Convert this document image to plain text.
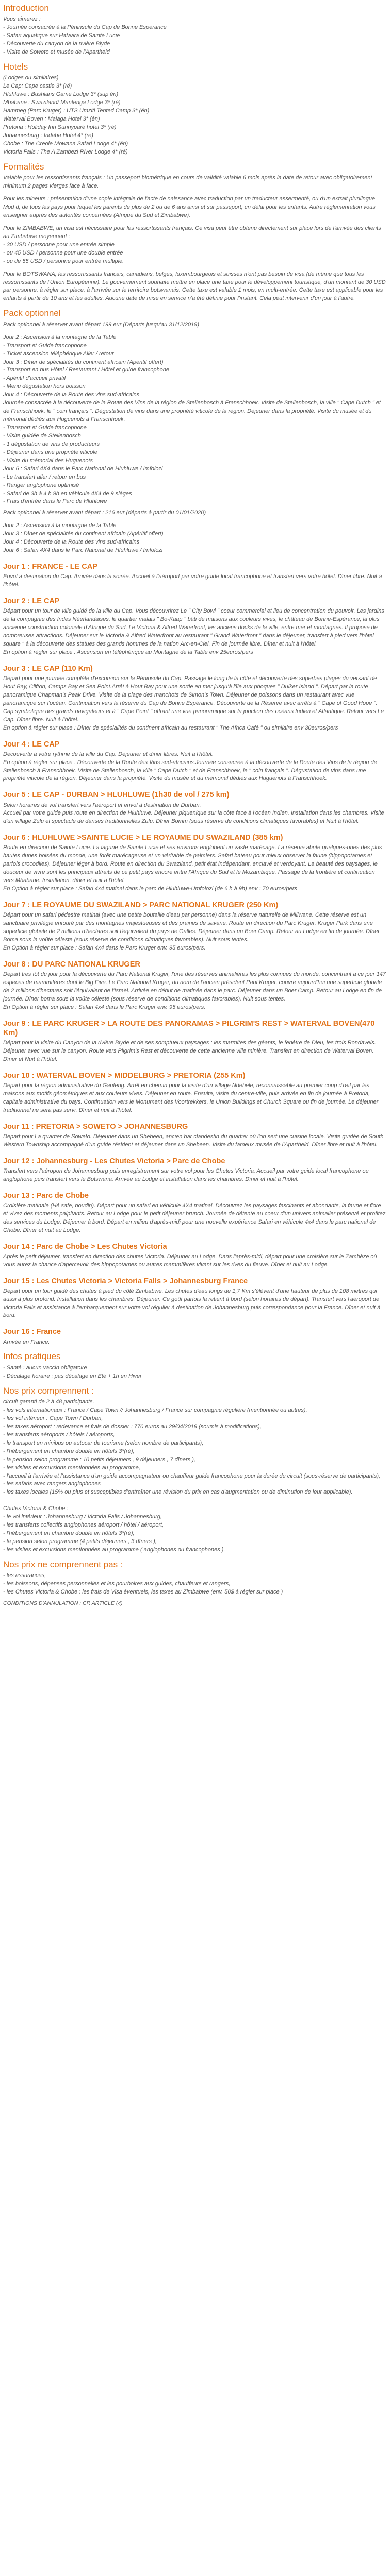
Introduction
Vous aimerez :
- Journée consacrée à la Péninsule du Cap de Bonne Espérance
- Safari aquatique sur Hataara de Sainte Lucie
- Découverte du canyon de la rivière Blyde
- Visite de Soweto et musée de l'Apartheid
Hotels
(Lodges ou similaires)
Le Cap: Cape castle 3* (ré)
Hluhluwe : Bushlans Game Lodge 3* (sup én)
Mbabane : Swaziland/ Mantenga Lodge 3* (ré)
Hammeg (Parc Kruger) : UTS Umziti Tented Camp 3* (én)
Waterval Boven : Malaga Hotel 3* (én)
Pretoria : Holiday Inn Sunnyparé hotel 3* (ré)
Johannesburg : Indaba Hotel 4* (ré)
Chobe : The Creole Mowana Safari Lodge 4* (én)
Victoria Falls : The A Zambezi River Lodge 4* (ré)
Formalités

Valable pour les ressortissants français : Un passeport biométrique en cours de validité valable 6 mois après la date de retour avec obligatoirement minimum 2 pages vierges face à face.

Pour les mineurs : présentation d'une copie intégrale de l'acte de naissance avec traduction par un traducteur assermenté, ou d'un extrait plurilingue Mod d, de tous les pays pour lequel les parents de plus de 2 ou de 6 ans ainsi et sur passeport, un délai pour les enfants. Autre réglementation vous enseigner auprès des autorités concernées (Afrique du Sud et Zimbabwe).

Pour le ZIMBABWE, un visa est nécessaire pour les ressortissants français. Ce visa peut être obtenu directement sur place lors de l'arrivée des clients au Zimbabwe moyennant :
- 30 USD / personne pour une entrée simple
- ou 45 USD / personne pour une double entrée
- ou de 55 USD / personne pour entrée multiple.

Pour le BOTSWANA, les ressortissants français, canadiens, belges, luxembourgeois et suisses n'ont pas besoin de visa (de même que tous les ressortissants de l'Union Européenne). Le gouvernement souhaite mettre en place une taxe pour le développement touristique, d'un montant de 30 USD par personne, à régler sur place, à l'arrivée sur le territoire botswanais. Cette taxe est valable 1 mois, en multi-entrée. Cette taxe est applicable pour les enfants à partir de 10 ans et les adultes. Aucune date de mise en service n'a été définie pour l'instant. Cela peut intervenir d'un jour à l'autre.

Pack optionnel

Pack optionnel à réserver avant départ 199 eur (Départs jusqu'au 31/12/2019)

Jour 2 : Ascension à la montagne de la Table
- Transport et Guide francophone
- Ticket ascension téléphérique Aller / retour
Jour 3 : Dîner de spécialités du continent africain (Apéritif offert)
- Transport en bus Hôtel / Restaurant / Hôtel et guide francophone
- Apéritif d'accueil privatif
- Menu dégustation hors boisson
Jour 4 : Découverte de la Route des vins sud-africains
Journée consacrée à la découverte de la Route des Vins de la région de Stellenbosch à Franschhoek. Visite de Stellenbosch, la ville " Cape Dutch " et de Franschhoek, le " coin français ". Dégustation de vins dans une propriété viticole de la région. Déjeuner dans la propriété. Visite du musée et du mémorial dédiés aux Huguenots à Franschhoek.
- Transport et Guide francophone
- Visite guidée de Stellenbosch
- 1 dégustation de vins de producteurs
- Déjeuner dans une propriété viticole
- Visite du mémorial des Huguenots
Jour 6 : Safari 4X4 dans le Parc National de Hluhluwe / Imfolozi
- Le transfert aller / retour en bus
- Ranger anglophone optimisé
- Safari de 3h à 4 h 9h en véhicule 4X4 de 9 sièges
- Frais d'entrée dans le Parc de Hluhluwe

Pack optionnel à réserver avant départ : 216 eur (départs à partir du 01/01/2020)

Jour 2 : Ascension à la montagne de la Table
Jour 3 : Dîner de spécialités du continent africain (Apéritif offert)
Jour 4 : Découverte de la Route des vins sud-africains
Jour 6 : Safari 4X4 dans le Parc National de Hluhluwe / Imfolozi
Jour 1 : FRANCE - LE CAP

Envol à destination du Cap. Arrivée dans la soirée. Accueil à l'aéroport par votre guide local francophone et transfert vers votre hôtel. Dîner libre. Nuit à l'hôtel.

Jour 2 : LE CAP

Départ pour un tour de ville guidé de la ville du Cap. Vous découvrirez Le " City Bowl " coeur commercial et lieu de concentration du pouvoir. Les jardins de la compagnie des Indes Néerlandaises, le quartier malais " Bo-Kaap " bâti de maisons aux couleurs vives, le château de Bonne-Espérance, la plus ancienne construction coloniale d'Afrique du Sud. Le Victoria & Alfred Waterfront, les anciens docks de la ville, entre mer et montagnes. Il propose de nombreuses attractions. Déjeuner sur le Victoria & Alfred Waterfront au restaurant " Grand Waterfront " dans le déjeuner, transfert à pied vers l'hôtel square " à la découverte des statues des grands hommes de la nation Arc-en-Ciel. Fin de journée libre. Dîner et nuit à l'hôtel.
En option à régler sur place : Ascension en téléphérique au Montagne de la Table env 25euros/pers

Jour 3 : LE CAP (110 Km)

Départ pour une journée complète d'excursion sur la Péninsule du Cap. Passage le long de la côte et découverte des superbes plages du versant de Hout Bay, Clifton, Camps Bay et Sea Point.Arrêt à Hout Bay pour une sortie en mer jusqu'à l'île aux phoques " Duiker Island ". Départ par la route panoramique Chapman's Peak Drive. Visite de la plage des manchots de Simon's Town. Déjeuner de poissons dans un restaurant avec vue panoramique sur l'océan. Continuation vers la réserve du Cap de Bonne Espérance. Découverte de la Réserve avec arrêts à " Cape of Good Hope ". Cap symbolique des grands navigateurs et à " Cape Point " offrant une vue panoramique sur la jonction des océans Indien et Atlantique. Retour vers Le Cap. Dîner libre. Nuit à l'hôtel.
En option à régler sur place : Dîner de spécialités du continent africain au restaurant " The Africa Café " ou similaire env 30euros/pers

Jour 4 : LE CAP

Découverte à votre rythme de la ville du Cap. Déjeuner et dîner libres. Nuit à l'hôtel.
En option à régler sur place : Découverte de la Route des Vins sud-africains.Journée consacrée à la découverte de la Route des Vins de la région de Stellenbosch à Franschhoek. Visite de Stellenbosch, la ville " Cape Dutch " et de Franschhoek, le " coin français ". Dégustation de vins dans une propriété viticole de la région. Déjeuner dans la propriété. Visite du musée et du mémorial dédiés aux Huguenots à Franschhoek.

Jour 5 : LE CAP - DURBAN > HLUHLUWE (1h30 de vol / 275 km)

Selon horaires de vol transfert vers l'aéroport et envol à destination de Durban.
Accueil par votre guide puis route en direction de Hluhluwe. Déjeuner piquenique sur la côte face à l'océan Indien. Installation dans les chambres. Visite d'un village Zulu et spectacle de danses traditionnelles Zulu. Dîner Bomm (sous réserve de conditions climatiques favorables) et Nuit à l'hôtel.

Jour 6 : HLUHLUWE >SAINTE LUCIE > LE ROYAUME DU SWAZILAND (385 km)

Route en direction de Sainte Lucie. La lagune de Sainte Lucie et ses environs englobent un vaste marécage. La réserve abrite quelques-unes des plus hautes dunes boisées du monde, une forêt marécageuse et un véritable de palmiers. Safari bateau pour mieux observer la faune (hippopotames et parfois crocodiles). Déjeuner léger à bord. Route en direction du Swaziland, petit état indépendant, enclavé et verdoyant. La beauté des paysages, le douceur de vivre sont les principaux attraits de ce petit pays encore entre l'Afrique du Sud et le Mozambique. Passage de la frontière et continuation vers Mbabane. Installation, dîner et nuit à l'hôtel.
En Option à régler sur place : Safari 4x4 matinal dans le parc de Hluhluwe-Umfolozi (de 6 h à 9h) env : 70 euros/pers

Jour 7 : LE ROYAUME DU SWAZILAND > PARC NATIONAL KRUGER (250 Km)

Départ pour un safari pédestre matinal (avec une petite boutaille d'eau par personne) dans la réserve naturelle de Mlilwane. Cette réserve est un sanctuaire privilégié entouré par des montagnes majestueuses et des prairies de savane. Route en direction du Parc Kruger. Kruger Park dans une superficie globale de 2 millions d'hectares soit l'équivalent du pays de Galles. Déjeuner dans un Boer Camp. Retour au Lodge en fin de journée. Dîner Boma sous la voûte céleste (sous réserve de conditions climatiques favorables). Nuit sous tentes.
En Option à régler sur place : Safari 4x4 dans le Parc Kruger env. 95 euros/pers.

Jour 8 : DU PARC NATIONAL KRUGER

Départ très tôt du jour pour la découverte du Parc National Kruger, l'une des réserves animalières les plus connues du monde, concentrant à ce jour 147 espèces de mammifères dont le Big Five. Le Parc National Kruger, du nom de l'ancien président Paul Kruger, couvre aujourd'hui une superficie globale de 2 millions d'hectares soit l'équivalent de l'Israël. Arrivée en début de matinée dans le parc. Déjeuner dans un Boer Camp. Retour au Lodge en fin de journée. Dîner boma sous la voûte céleste (sous réserve de conditions climatiques favorables). Nuit sous tentes.
En Option à régler sur place : Safari 4x4 dans le Parc Kruger env. 95 euros/pers.

Jour 9 : LE PARC KRUGER > LA ROUTE DES PANORAMAS > PILGRIM'S REST > WATERVAL BOVEN(470 Km)

Départ pour la visite du Canyon de la rivière Blyde et de ses somptueux paysages : les marmites des géants, le fenêtre de Dieu, les trois Rondavels. Déjeuner avec vue sur le canyon. Route vers Pilgrim's Rest et découverte de cette ancienne ville minière. Transfert en direction de Waterval Boven. Dîner et Nuit à l'hôtel.

Jour 10 : WATERVAL BOVEN > MIDDELBURG > PRETORIA (255 Km)

Départ pour la région administrative du Gauteng. Arrêt en chemin pour la visite d'un village Ndebele, reconnaissable au premier coup d'œil par les maisons aux motifs géométriques et aux couleurs vives. Déjeuner en route. Ensuite, visite du centre-ville, puis arrivée en fin de journée à Pretoria, capitale administrative du pays. Continuation vers le Monument des Voortrekkers, le Union Buildings et Church Square ou fin de journée. Le déjeuner traditionnel ne sera pas servi. Dîner et nuit à l'hôtel.

Jour 11 : PRETORIA > SOWETO > JOHANNESBURG

Départ pour La quartier de Soweto. Déjeuner dans un Shebeen, ancien bar clandestin du quartier où l'on sert une cuisine locale. Visite guidée de South Western Township accompagné d'un guide résident et déjeuner dans un Shebeen. Visite du fameux musée de l'Apartheid. Dîner libre et nuit à l'hôtel.

Jour 12 : Johannesburg - Les Chutes Victoria > Parc de Chobe

Transfert vers l'aéroport de Johannesburg puis enregistrement sur votre vol pour les Chutes Victoria. Accueil par votre guide local francophone ou anglophone puis transfert vers le Botswana. Arrivée au Lodge et installation dans les chambres. Dîner et nuit à l'hôtel.

Jour 13 : Parc de Chobe

Croisière matinale (Hé safe, boudin). Départ pour un safari en véhicule 4X4 matinal. Découvrez les paysages fascinants et abondants, la faune et flore et vivez des moments palpitants. Retour au Lodge pour le petit déjeuner brunch. Journée de détente au coeur d'un univers animalier préservé et profitez des services du Lodge. Déjeuner à bord. Départ en milieu d'après-midi pour une nouvelle expérience Safari en véhicule 4x4 dans le parc national de Chobe. Dîner et nuit au Lodge.

Jour 14 : Parc de Chobe > Les Chutes Victoria

Après le petit déjeuner, transfert en direction des chutes Victoria. Déjeuner au Lodge. Dans l'après-midi, départ pour une croisière sur le Zambèze où vous aurez la chance d'apercevoir des hippopotames ou autres mammifères vivant sur les rives du fleuve. Dîner et nuit au Lodge.

Jour 15 : Les Chutes Victoria > Victoria Falls > Johannesburg France

Départ pour un tour guidé des chutes à pied du côté Zimbabwe. Les chutes d'eau longs de 1,7 Km s'élèvent d'une hauteur de plus de 108 mètres qui aussi à plus profond. Installation dans les chambres. Déjeuner. Ce goût parfois la retient à bord (selon horaires de départ). Transfert vers l'aéroport de Victoria Falls et assistance à l'embarquement sur votre vol régulier à destination de Johannesburg puis correspondance pour la France. Dîner et nuit à bord.

Jour 16 : France

Arrivée en France.

Infos pratiques
- Santé : aucun vaccin obligatoire
- Décalage horaire : pas décalage en Eté + 1h en Hiver
Nos prix comprennent :
circuit garanti de 2 à 48 participants.
- les vols internationaux : France / Cape Town // Johannesburg / France sur compagnie régulière (mentionnée ou autres),
- les vol intérieur : Cape Town / Durban,
- les taxes aéroport : redevance et frais de dossier : 770 euros au 29/04/2019 (soumis à modifications),
- les transferts aéroports / hôtels / aéroports,
- le transport en minibus ou autocar de tourisme (selon nombre de participants),
- l'hébergement en chambre double en hôtels 3*(ré),
- la pension selon programme : 10 petits déjeuners , 9 déjeuners , 7 dîners ),
- les visites et excursions mentionnées au programme,
- l'accueil à l'arrivée et l'assistance d'un guide accompagnateur ou chauffeur guide francophone pour la durée du circuit (sous-réserve de participants),
- les safaris avec rangers anglophones
- les taxes locales (15% ou plus et susceptibles d'entraîner une révision du prix en cas d'augmentation ou de diminution de leur applicable).

Chutes Victoria & Chobe :
- le vol intérieur : Johannesburg / Victoria Falls / Johannesburg,
- les transferts collectifs anglophones aéroport / hôtel / aéroport,
- l'hébergement en chambre double en hôtels 3*(ré),
- la pension selon programme (4 petits déjeuners , 3 dîners ),
- les visites et excursions mentionnées au programme ( anglophones ou francophones ).
Nos prix ne comprennent pas :
- les assurances,
- les boissons, dépenses personnelles et les pourboires aux guides, chauffeurs et rangers,
- les Chutes Victoria & Chobe : les frais de Visa éventuels, les taxes au Zimbabwe (env. 50$ à régler sur place )

CONDITIONS D'ANNULATION : CR ARTICLE (4)
